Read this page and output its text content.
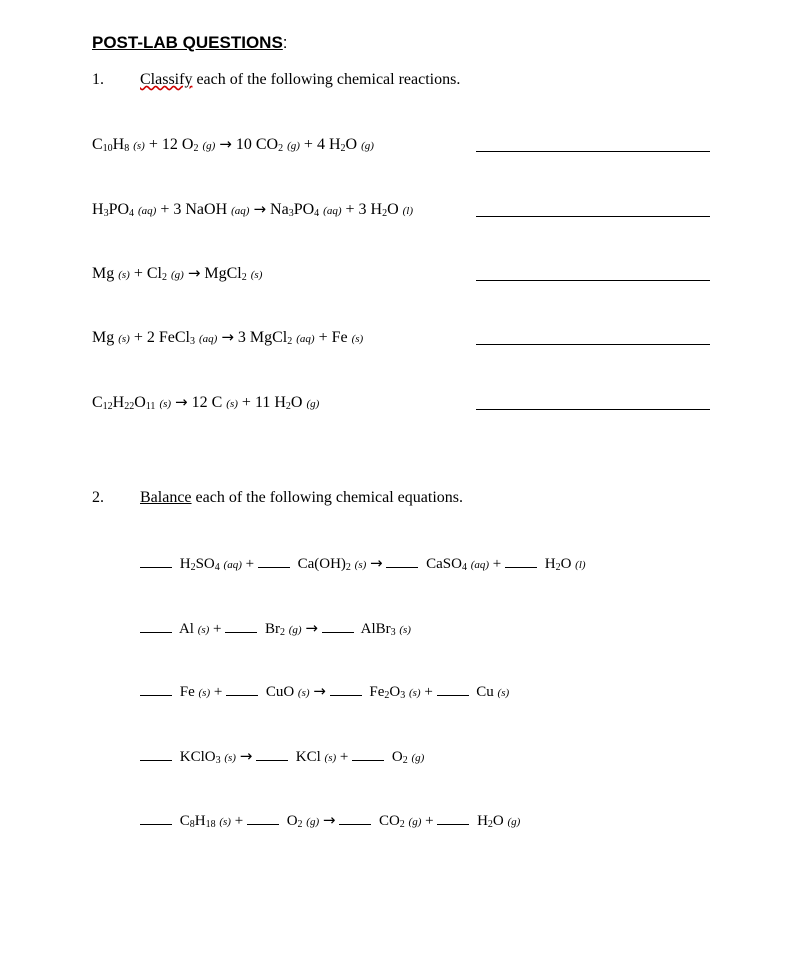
POST-LAB QUESTIONS:
1. Classify each of the following chemical reactions.
$C_{10}H_8$ (s) + 12 $O_2$ (g) → 10 $CO_2$ (g) + 4 $H_2O$ (g)
$H_3PO_4$ (aq) + 3 NaOH $(aq) \to Na_3PO_4$ (aq) + 3 $H_2O$ (l)
Mg $(s) + Cl_2$ (g) → MgCl$_2$ (s)
Mg (s) + 2 FeCl$_3$ (aq) → 3 MgCl$_2$ (aq) + Fe (s)
$C_{12}H_{22}O_{11}$ (s) → 12 C (s) + 11 $H_2O$ (g)
2. Balance each of the following chemical equations.
$H_2SO_4$ (aq) +	$Ca(OH)_2$ (s) →	CaSO$_4$ (aq) +	$H_2O$ (l)
Al (s) +	$Br_2$ (g) →	AlBr$_3$ (s)
Fe (s) +	CuO (s) →	$Fe_2O_3$ (s) +	Cu (s)
KClO$_3$ (s) →	KCl (s) +	$O_2$ (g)
$C_8H_{18}$ (s) +	$O_2$ (g) →	$CO_2$ (g) +	$H_2O$ (g)
